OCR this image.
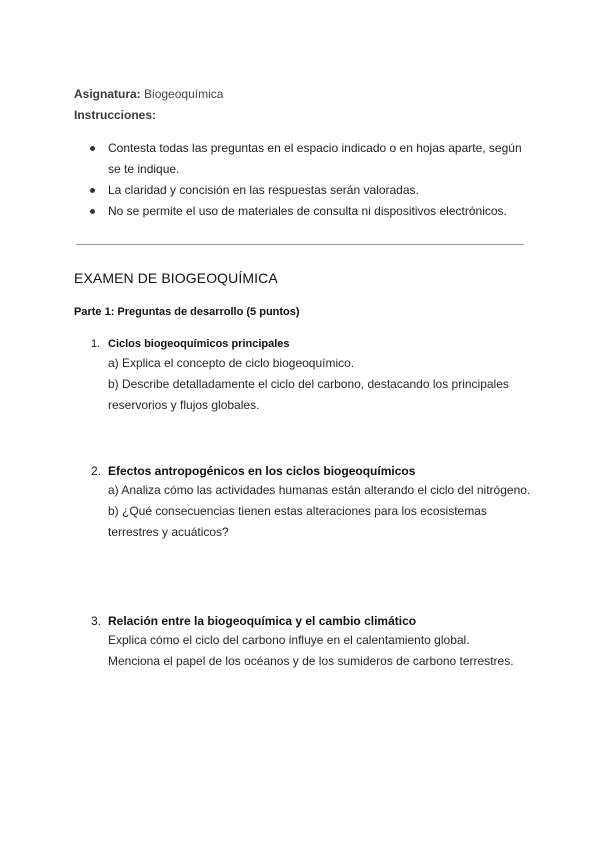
Asignatura: Biogeoquímica
Instrucciones:
Contesta todas las preguntas en el espacio indicado o en hojas aparte, según se te indique.
La claridad y concisión en las respuestas serán valoradas.
No se permite el uso de materiales de consulta ni dispositivos electrónicos.
EXAMEN DE BIOGEOQUÍMICA
Parte 1: Preguntas de desarrollo (5 puntos)
1. Ciclos biogeoquímicos principales
a) Explica el concepto de ciclo biogeoquímico.
b) Describe detalladamente el ciclo del carbono, destacando los principales reservorios y flujos globales.
2. Efectos antropogénicos en los ciclos biogeoquímicos
a) Analiza cómo las actividades humanas están alterando el ciclo del nitrógeno.
b) ¿Qué consecuencias tienen estas alteraciones para los ecosistemas terrestres y acuáticos?
3. Relación entre la biogeoquímica y el cambio climático
Explica cómo el ciclo del carbono influye en el calentamiento global.
Menciona el papel de los océanos y de los sumideros de carbono terrestres.
